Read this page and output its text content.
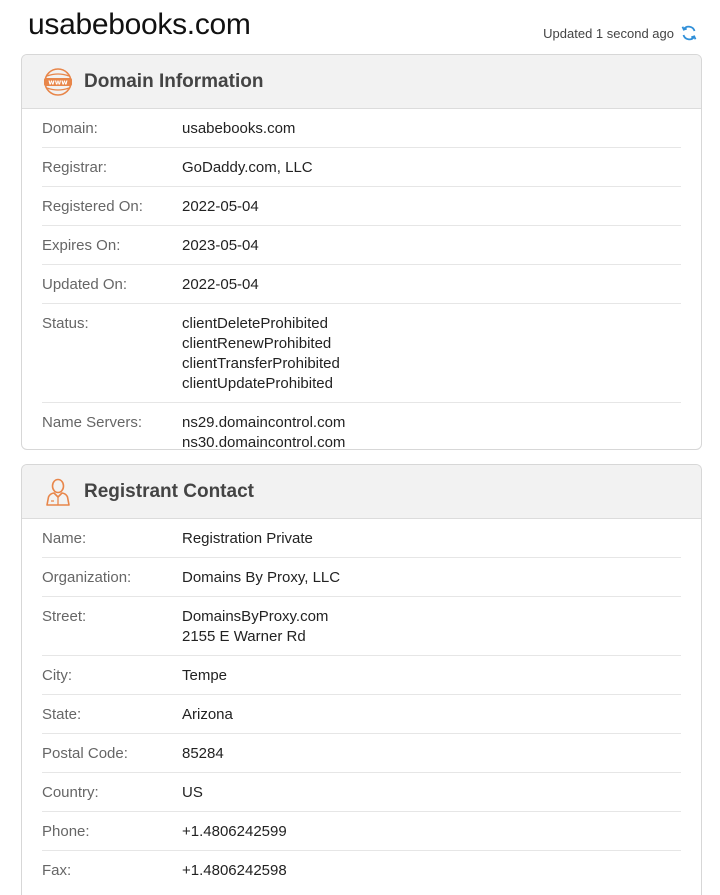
usabebooks.com	Updated 1 second ago
www Domain Information
Domain:	usabebooks.com
Registrar:	GoDaddy.com, LLC
Registered On:	2022-05-04
Expires On:	2023-05-04
Updated On:	2022-05-04
Status:	clientDeleteProhibited
clientRenewProhibited
clientTransferProhibited
clientUpdateProhibited
Name Servers:	ns29.domaincontrol.com
ns30.domaincontrol.com
Registrant Contact
Name:	Registration Private
Organization:	Domains By Proxy, LLC
Street:	DomainsByProxy.com
2155 E Warner Rd
City:	Tempe
State:	Arizona
Postal Code:	85284
Country:	US
Phone:	+1.4806242599
Fax:	+1.4806242598
